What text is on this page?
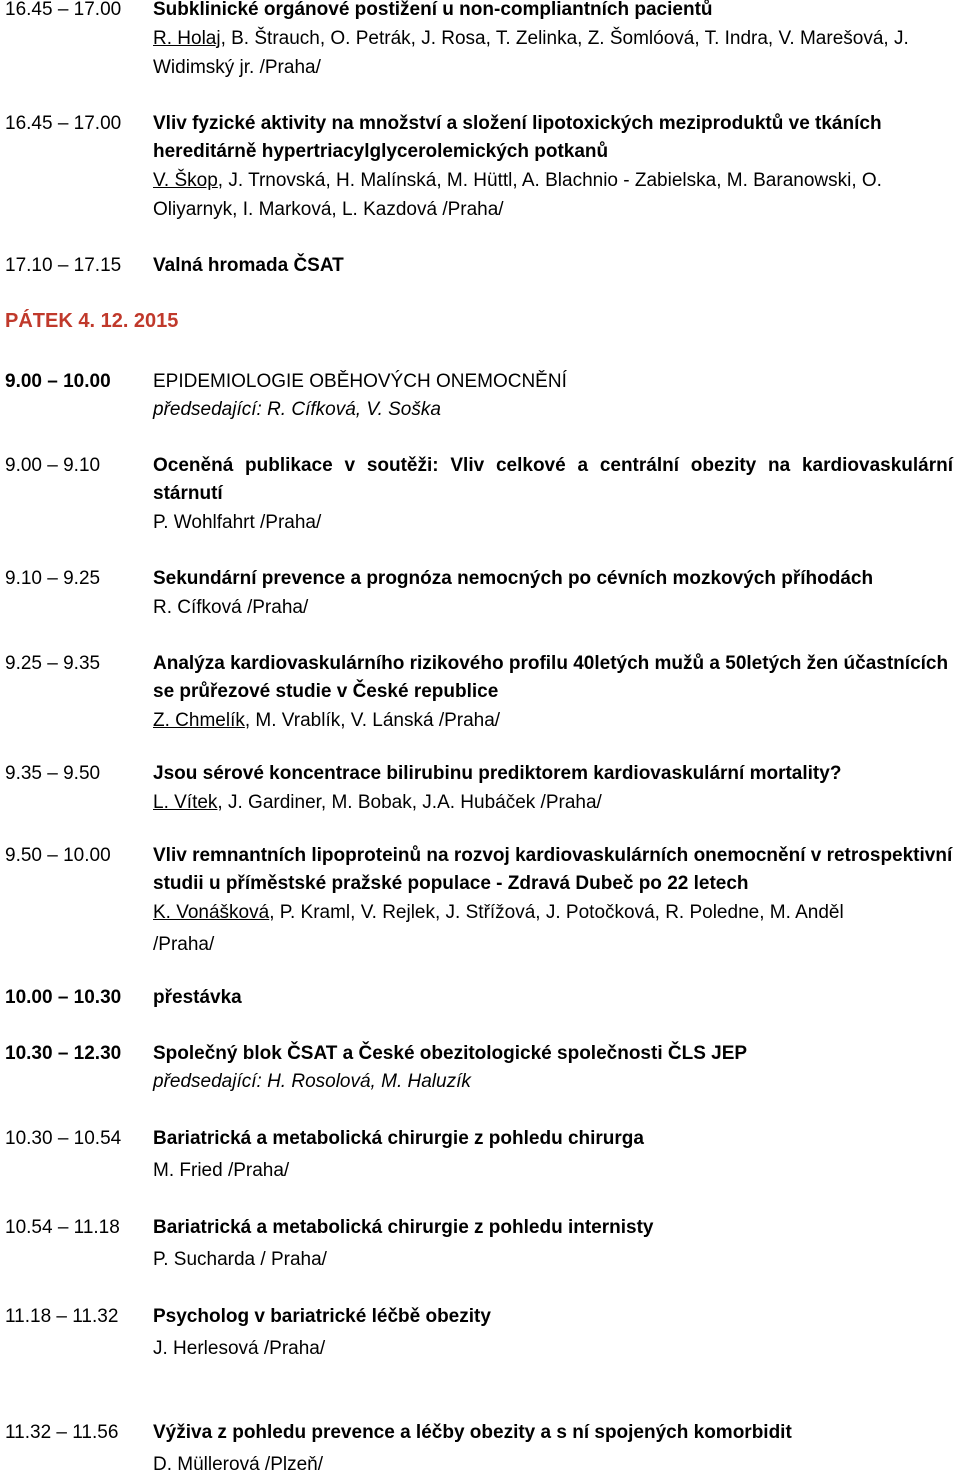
16.45 – 17.00 Subklinické orgánové postižení u non-compliantních pacientů
R. Holaj, B. Štrauch, O. Petrák, J. Rosa, T. Zelinka, Z. Šomlóová, T. Indra, V. Marešová, J. Widimský jr. /Praha/
16.45 – 17.00 Vliv fyzické aktivity na množství a složení lipotoxických meziproduktů ve tkáních hereditárně hypertriacylglycerolemických potkanů
V. Škop, J. Trnovská, H. Malínská, M. Hüttl, A. Blachnio - Zabielska, M. Baranowski, O. Oliyarnyk, I. Marková, L. Kazdová /Praha/
17.10 – 17.15 Valná hromada ČSAT
PÁTEK 4. 12. 2015
9.00 – 10.00 EPIDEMIOLOGIE OBĚHOVÝCH ONEMOCNĚNÍ
předsedající: R. Cífková, V. Soška
9.00 – 9.10	Oceněná publikace v soutěži: Vliv celkové a centrální obezity na kardiovaskulární stárnutí
P. Wohlfahrt /Praha/
9.10 – 9.25	Sekundární prevence a prognóza nemocných po cévních mozkových příhodách
R. Cífková /Praha/
9.25 – 9.35	Analýza kardiovaskulárního rizikového profilu 40letých mužů a 50letých žen účastnících se průřezové studie v České republice
Z. Chmelík, M. Vrablík, V. Lánská /Praha/
9.35 – 9.50	Jsou sérové koncentrace bilirubinu prediktorem kardiovaskulární mortality?
L. Vítek, J. Gardiner, M. Bobak, J.A. Hubáček /Praha/
9.50 – 10.00 Vliv remnantních lipoproteinů na rozvoj kardiovaskulárních onemocnění v retrospektivní studii u příměstské pražské populace - Zdravá Dubeč po 22 letech
K. Vonášková, P. Kraml, V. Rejlek, J. Střížová, J. Potočková, R. Poledne, M. Anděl
/Praha/
10.00 – 10.30 přestávka
10.30 – 12.30 Společný blok ČSAT a České obezitologické společnosti ČLS JEP
předsedající: H. Rosolová, M. Haluzík
10.30 – 10.54 Bariatrická a metabolická chirurgie z pohledu chirurga
M. Fried /Praha/
10.54 – 11.18 Bariatrická a metabolická chirurgie z pohledu internisty
P. Sucharda / Praha/
11.18 – 11.32 Psycholog v bariatrické léčbě obezity
J. Herlesová /Praha/
11.32 – 11.56 Výživa z pohledu prevence a léčby obezity a s ní spojených komorbidit
D. Müllerová /Plzeň/
